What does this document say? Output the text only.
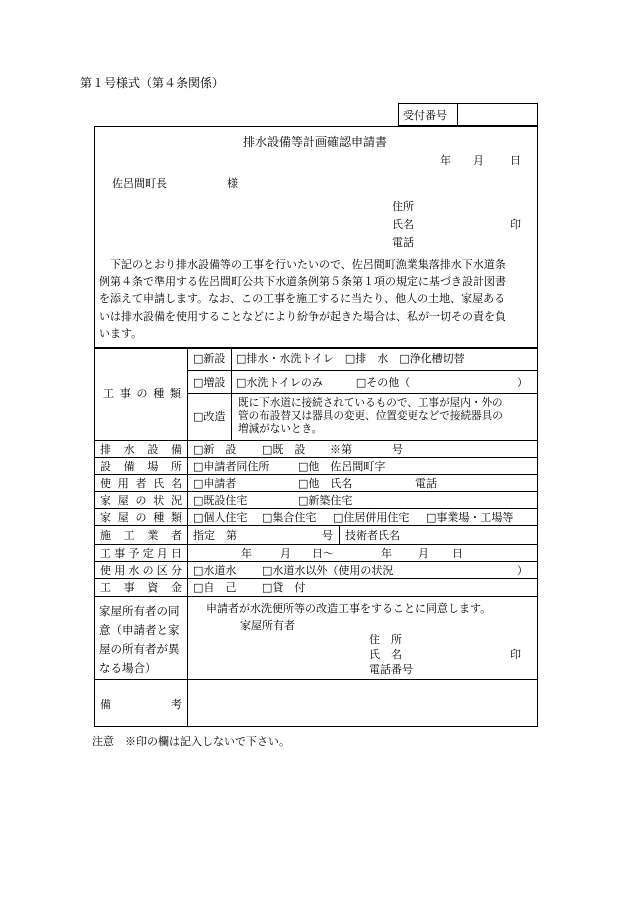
第１号様式（第４条関係）
受付番号
排水設備等計画確認申請書
年 月 日
佐呂間町長	様
住所
氏名	印
電話
　下記のとおり排水設備等の工事を行いたいので、佐呂間町漁業集落排水下水道条
例第４条で準用する佐呂間町公共下水道条例第５条第１項の規定に基づき設計図書
を添えて申請します。なお、この工事を施工するに当たり、他人の土地、家屋ある
いは排水設備を使用することなどにより紛争が起きた場合は、私が一切その責を負
います。
工 事 の 種 類
□新設 □排水・水洗トイレ　□排　水　□浄化槽切替
□増設 □水洗トイレのみ　　　□その他（	）
□改造
既に下水道に接続されているもので、工事が屋内・外の
管の布設替又は器具の変更、位置変更などで接続器具の
増減がないとき。
排 水 設 備 □新　設 □既　設 ※第	号
設 備 場 所 □申請者同住所	□他　佐呂間町字
使 用 者 氏 名 □申請者	□他　氏名	電話
家 屋 の 状 況 □既設住宅	□新築住宅
家 屋 の 種 類 □個人住宅 □集合住宅 □住居併用住宅 □事業場・工場等
施 工 業 者 指定　第	号 技術者氏名
工 事 予 定 月 日	年	月 日〜	年 月 日
使 用 水 の 区 分 □水道水 □水道水以外（使用の状況	）
工 事 資 金 □自　己 □貸　付
家屋所有者の同
意（申請者と家
屋の所有者が異
なる場合）
申請者が水洗便所等の改造工事をすることに同意します。
家屋所有者
住　所
氏　名	印
電話番号
備	考
注意　※印の欄は記入しないで下さい。
